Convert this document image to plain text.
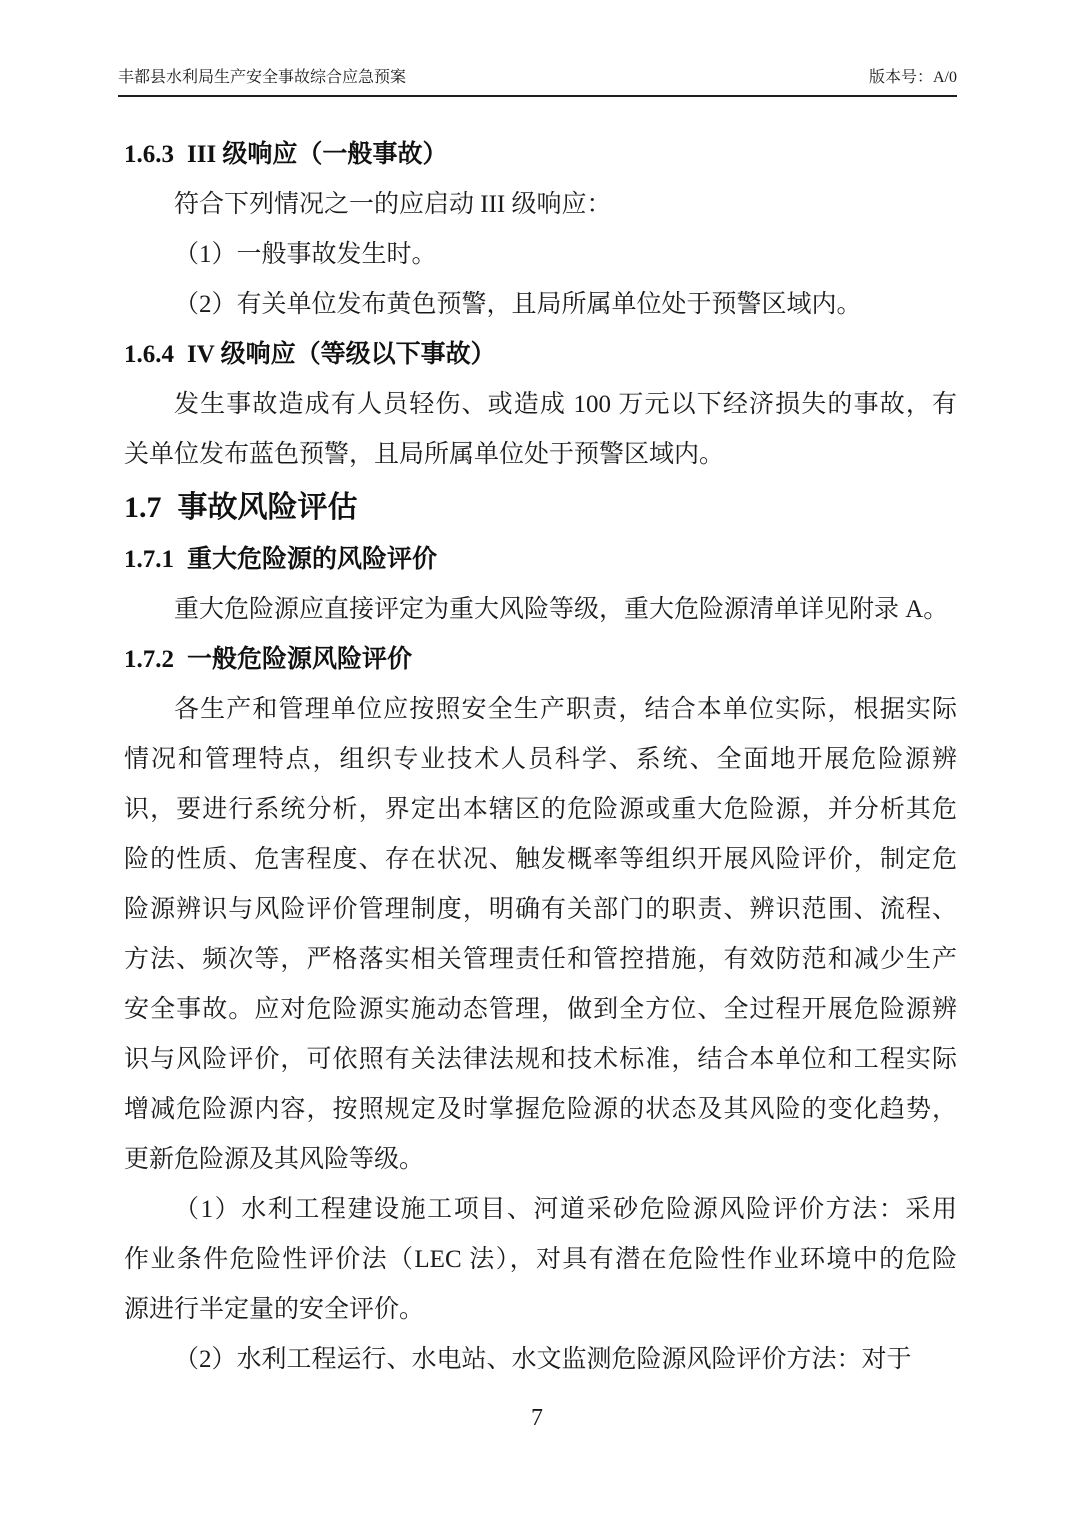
丰都县水利局生产安全事故综合应急预案	版本号：A/0
1.6.3 III 级响应（一般事故）
符合下列情况之一的应启动 III 级响应：
（1）一般事故发生时。
（2）有关单位发布黄色预警，且局所属单位处于预警区域内。
1.6.4 IV 级响应（等级以下事故）
发生事故造成有人员轻伤、或造成 100 万元以下经济损失的事故，有
关单位发布蓝色预警，且局所属单位处于预警区域内。
1.7 事故风险评估
1.7.1 重大危险源的风险评价
重大危险源应直接评定为重大风险等级，重大危险源清单详见附录 A。
1.7.2 一般危险源风险评价
各生产和管理单位应按照安全生产职责，结合本单位实际，根据实际
情况和管理特点，组织专业技术人员科学、系统、全面地开展危险源辨
识，要进行系统分析，界定出本辖区的危险源或重大危险源，并分析其危
险的性质、危害程度、存在状况、触发概率等组织开展风险评价，制定危
险源辨识与风险评价管理制度，明确有关部门的职责、辨识范围、流程、
方法、频次等，严格落实相关管理责任和管控措施，有效防范和减少生产
安全事故。应对危险源实施动态管理，做到全方位、全过程开展危险源辨
识与风险评价，可依照有关法律法规和技术标准，结合本单位和工程实际
增减危险源内容，按照规定及时掌握危险源的状态及其风险的变化趋势，
更新危险源及其风险等级。
（1）水利工程建设施工项目、河道采砂危险源风险评价方法：采用
作业条件危险性评价法（LEC 法），对具有潜在危险性作业环境中的危险
源进行半定量的安全评价。
（2）水利工程运行、水电站、水文监测危险源风险评价方法：对于
7
